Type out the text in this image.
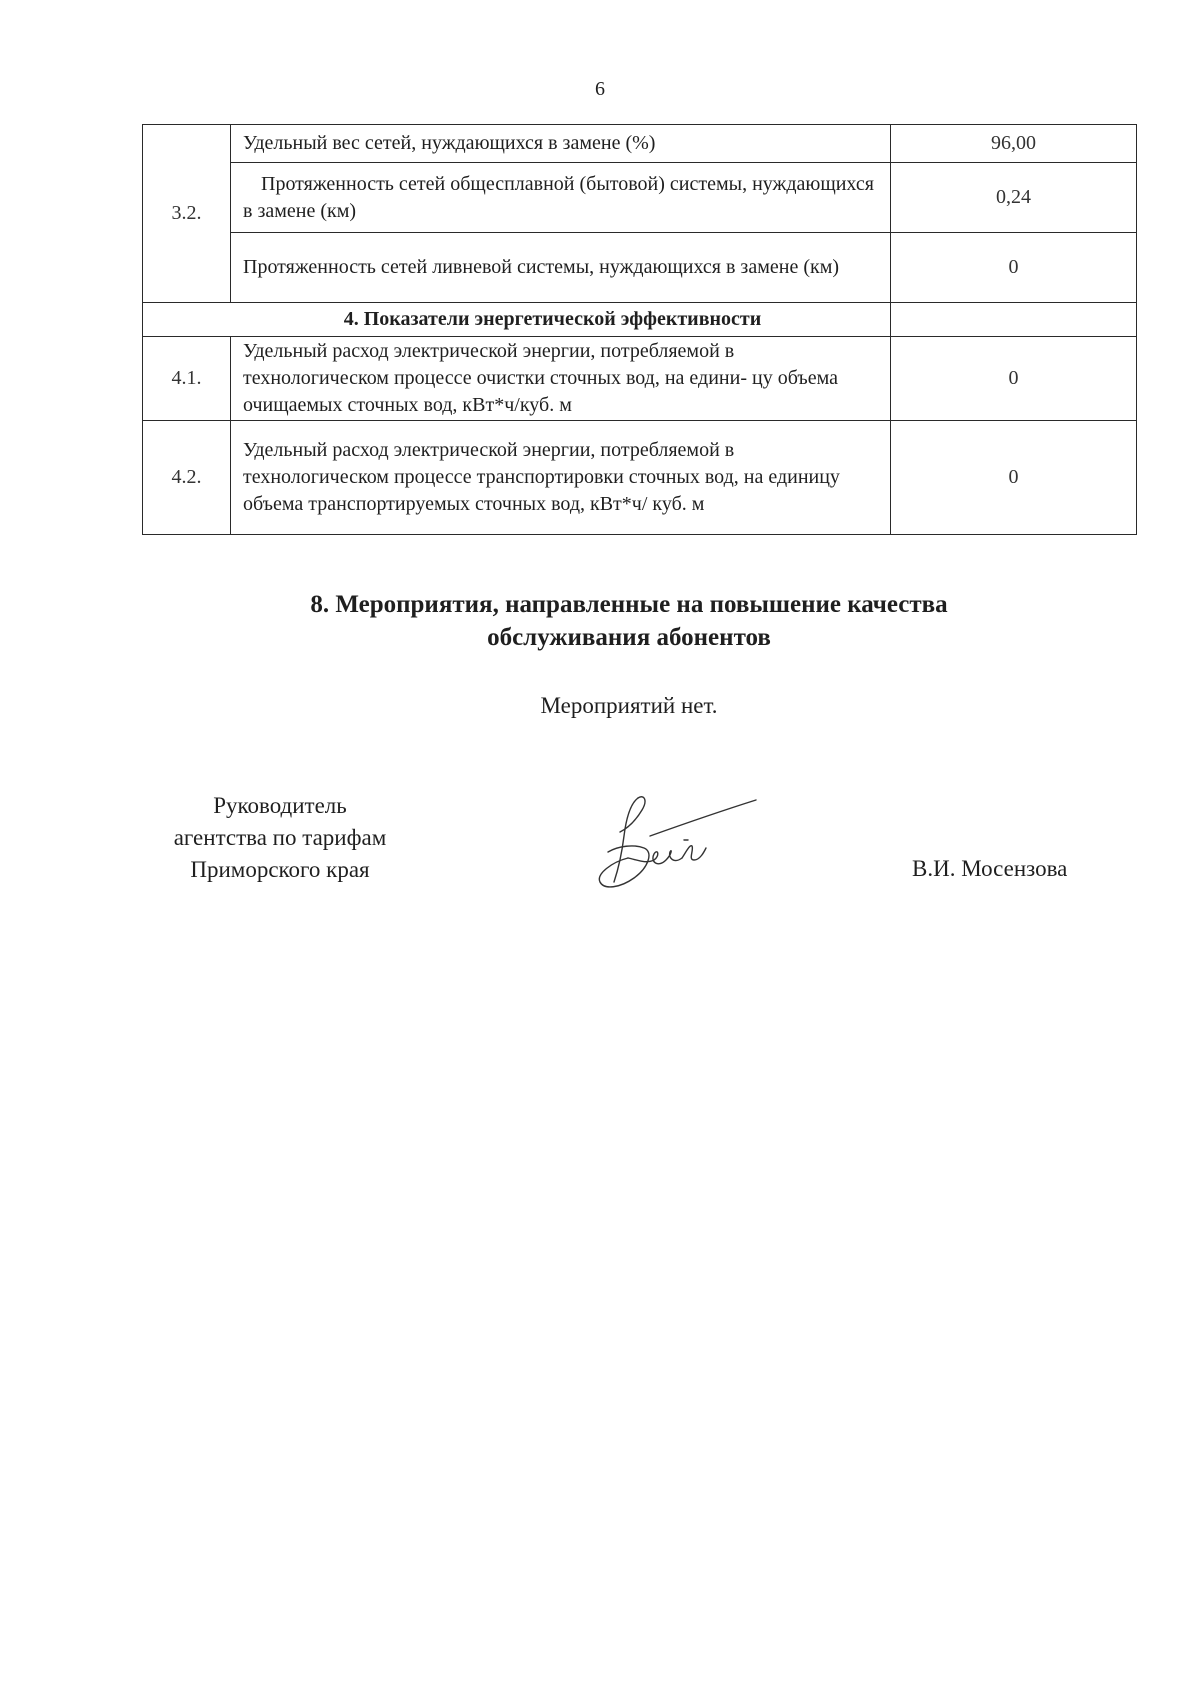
6
3.2.	Удельный вес сетей, нуждающихся в замене (%)	96,00

	Протяженность сетей общесплавной (бытовой) системы, нуждающихся в замене (км)	0,24
	Протяженность сетей ливневой системы, нуждающихся в замене (км)	0
4. Показатели энергетической эффективности		
4.1.	Удельный расход электрической энергии, потребляемой в технологическом процессе очистки сточных вод, на едини- цу объема очищаемых сточных вод, кВт*ч/куб. м	0
4.2.	Удельный расход электрической энергии, потребляемой в технологическом процессе транспортировки сточных вод, на единицу объема транспортируемых сточных вод, кВт*ч/ куб. м	0
8. Мероприятия, направленные на повышение качества
обслуживания абонентов
Мероприятий нет.
Руководитель
агентства по тарифам
Приморского края	В.И. Мосензова
